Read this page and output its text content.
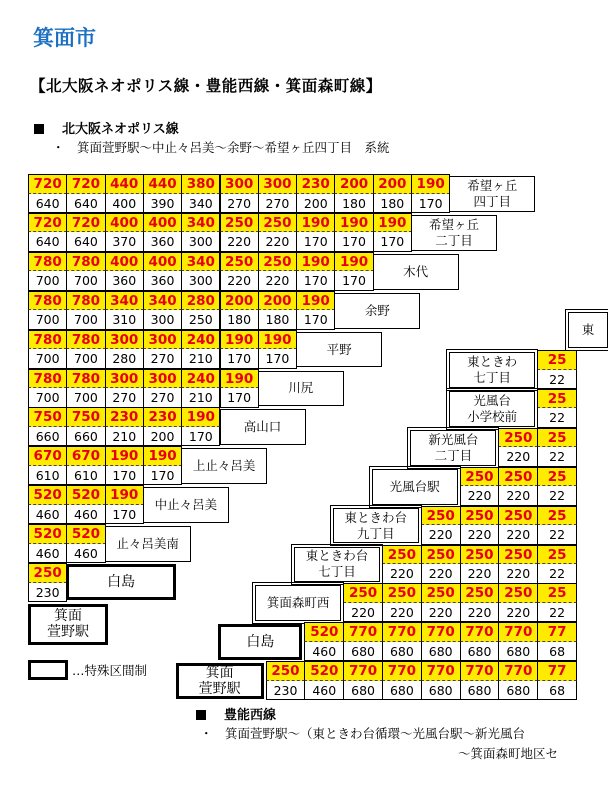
箕面市
【北大阪ネオポリス線・豊能西線・箕面森町線】
北大阪ネオポリス線
・　箕面萱野駅〜中止々呂美〜余野〜希望ヶ丘四丁目　系統
720
640
720
640
440
400
440
390
380
340
300
270
300
270
230
200
200
180
200
180
190
170
希望ヶ丘
四丁目
720
640
720
640
400
370
400
360
340
300
250
220
250
220
190
170
190
170
190
170
希望ヶ丘
二丁目
780
700
780
700
400
360
400
360
340
300
250
220
250
220
190
170
190
170
木代
780
700
780
700
340
310
340
300
280
250
200
180
200
180
190
170
余野
780
700
780
700
300
280
300
270
240
210
190
170
190
170
平野
780
700
780
700
300
270
300
270
240
210
190
170
川尻
750
660
750
660
230
210
230
200
190
170
高山口
670
610
670
610
190
170
190
170
上止々呂美
520
460
520
460
190
170
中止々呂美
520
460
520
460
止々呂美南
250
230
白島
箕面
萱野駅
25
22
東ときわ
七丁目
25
22
光風台
小学校前
250
220
25
22
新光風台
二丁目
250
220
250
220
25
22
光風台駅
250
220
250
220
250
220
25
22
東ときわ台
九丁目
250
220
250
220
250
220
250
220
25
22
東ときわ台
七丁目
250
220
250
220
250
220
250
220
250
220
25
22
箕面森町西
520
460
770
680
770
680
770
680
770
680
770
680
77
68
白島
250
230
520
460
770
680
770
680
770
680
770
680
770
680
77
68
箕面
萱野駅
東
…特殊区間制
豊能西線
・　箕面萱野駅〜（東ときわ台循環〜光風台駅〜新光風台
〜箕面森町地区セ
